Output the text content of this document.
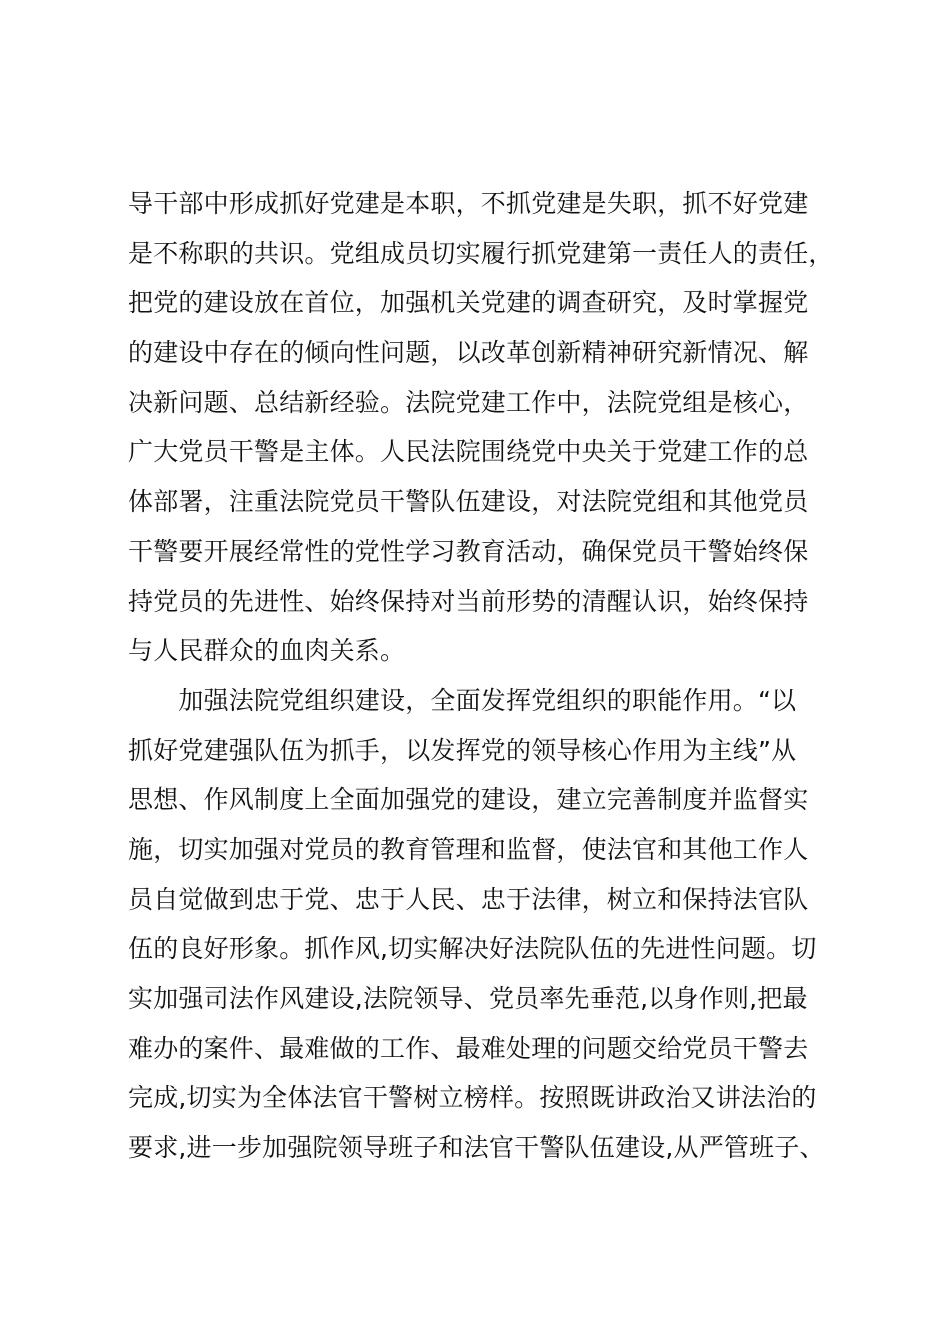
导干部中形成抓好党建是本职，不抓党建是失职，抓不好党建
是不称职的共识。党组成员切实履行抓党建第一责任人的责任，
把党的建设放在首位，加强机关党建的调查研究，及时掌握党
的建设中存在的倾向性问题，以改革创新精神研究新情况、解
决新问题、总结新经验。法院党建工作中，法院党组是核心，
广大党员干警是主体。人民法院围绕党中央关于党建工作的总
体部署，注重法院党员干警队伍建设，对法院党组和其他党员
干警要开展经常性的党性学习教育活动，确保党员干警始终保
持党员的先进性、始终保持对当前形势的清醒认识，始终保持
与人民群众的血肉关系。
　　加强法院党组织建设，全面发挥党组织的职能作用。“以
抓好党建强队伍为抓手，以发挥党的领导核心作用为主线”从
思想、作风制度上全面加强党的建设，建立完善制度并监督实
施，切实加强对党员的教育管理和监督，使法官和其他工作人
员自觉做到忠于党、忠于人民、忠于法律，树立和保持法官队
伍的良好形象。抓作风,切实解决好法院队伍的先进性问题。切
实加强司法作风建设,法院领导、党员率先垂范,以身作则,把最
难办的案件、最难做的工作、最难处理的问题交给党员干警去
完成,切实为全体法官干警树立榜样。按照既讲政治又讲法治的
要求,进一步加强院领导班子和法官干警队伍建设,从严管班子、
